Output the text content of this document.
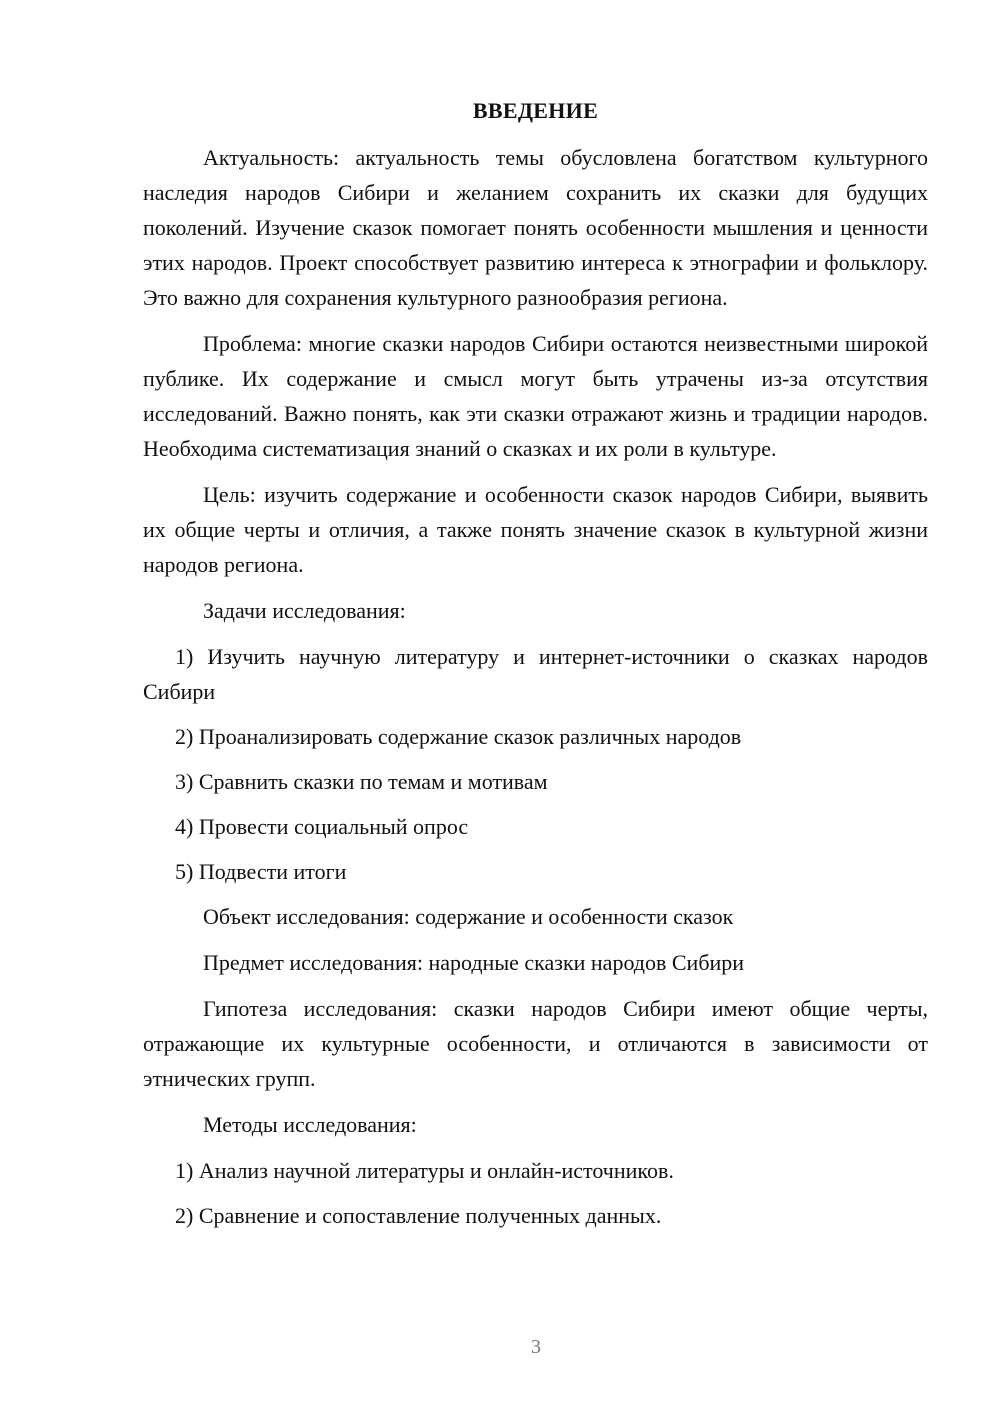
ВВЕДЕНИЕ

Актуальность: актуальность темы обусловлена богатством культурного наследия народов Сибири и желанием сохранить их сказки для будущих поколений. Изучение сказок помогает понять особенности мышления и ценности этих народов. Проект способствует развитию интереса к этнографии и фольклору. Это важно для сохранения культурного разнообразия региона.

Проблема: многие сказки народов Сибири остаются неизвестными широкой публике. Их содержание и смысл могут быть утрачены из-за отсутствия исследований. Важно понять, как эти сказки отражают жизнь и традиции народов. Необходима систематизация знаний о сказках и их роли в культуре.

Цель: изучить содержание и особенности сказок народов Сибири, выявить их общие черты и отличия, а также понять значение сказок в культурной жизни народов региона.

Задачи исследования:

1) Изучить научную литературу и интернет-источники о сказках народов Сибири
2) Проанализировать содержание сказок различных народов
3) Сравнить сказки по темам и мотивам
4) Провести социальный опрос
5) Подвести итоги

Объект исследования: содержание и особенности сказок

Предмет исследования: народные сказки народов Сибири

Гипотеза исследования: сказки народов Сибири имеют общие черты, отражающие их культурные особенности, и отличаются в зависимости от этнических групп.

Методы исследования:

1) Анализ научной литературы и онлайн-источников.
2) Сравнение и сопоставление полученных данных.
3
